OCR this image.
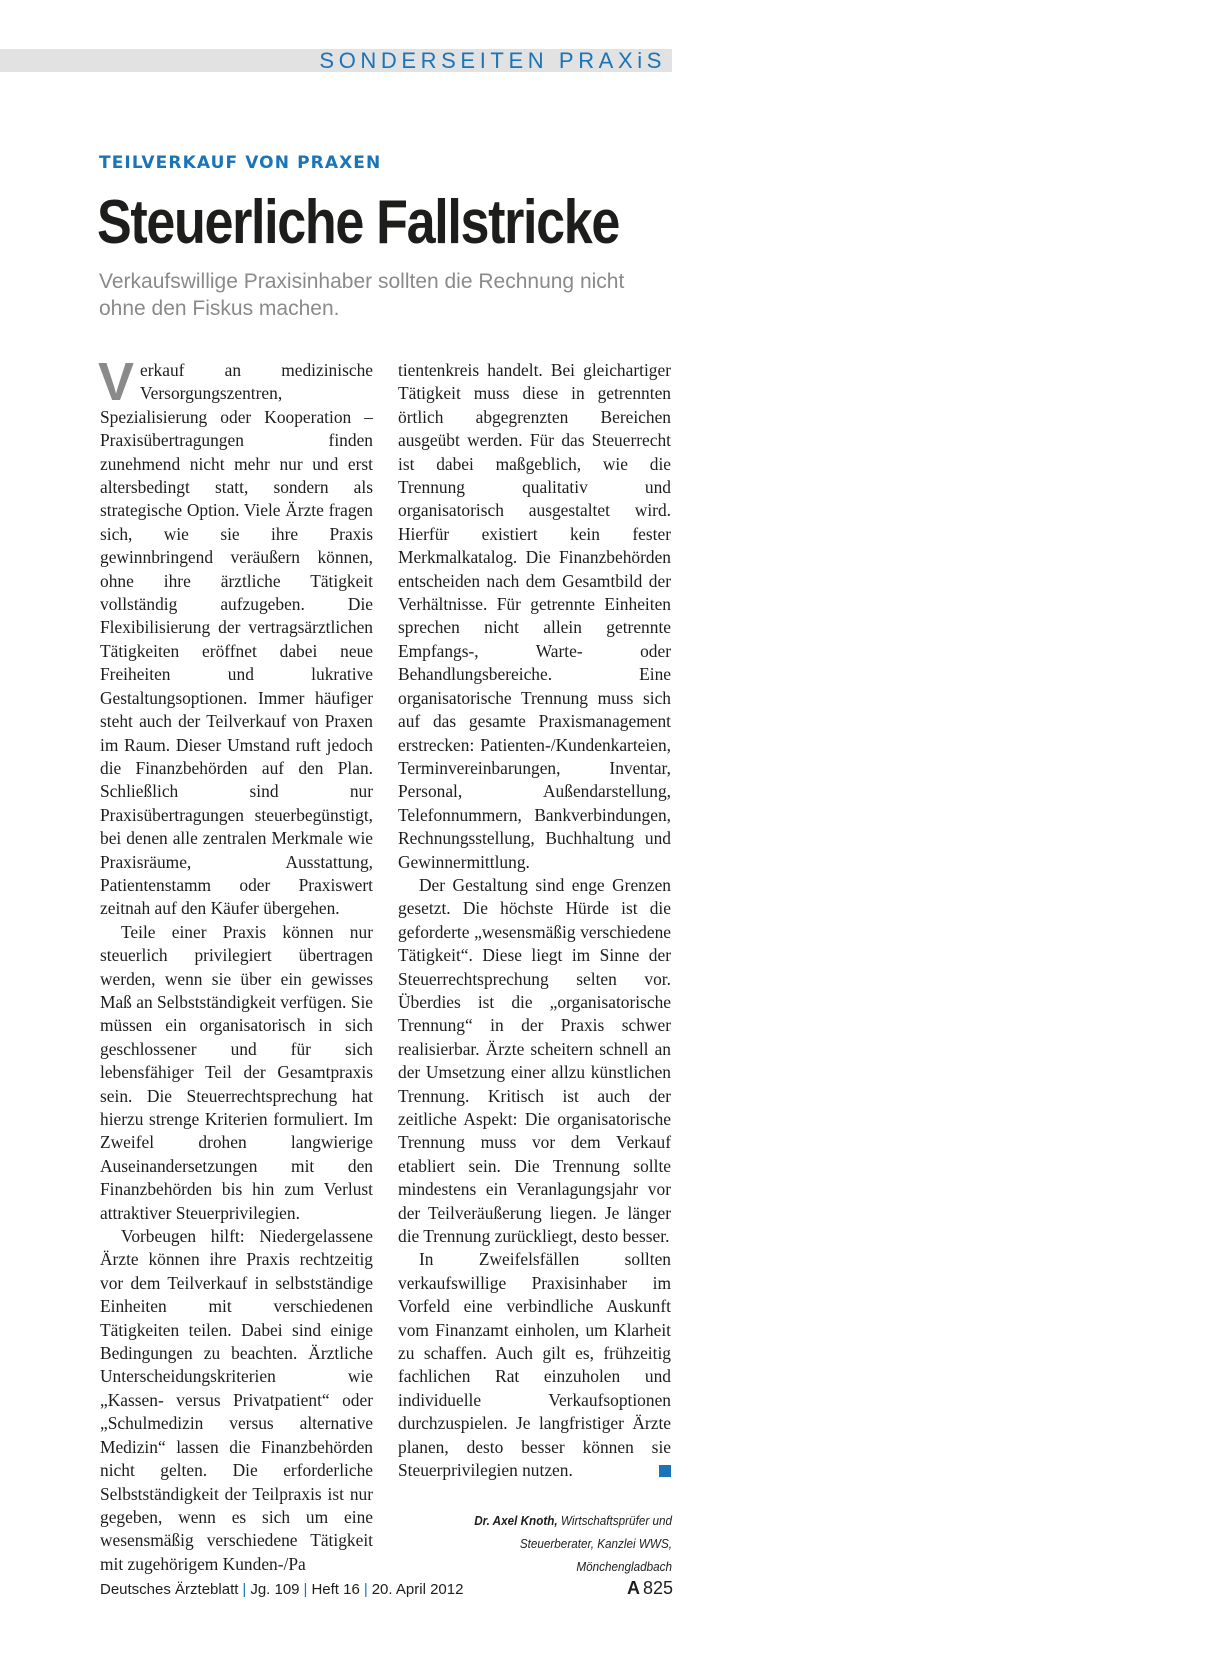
SONDERSEITEN PRAXiS
TEILVERKAUF VON PRAXEN
Steuerliche Fallstricke
Verkaufswillige Praxisinhaber sollten die Rechnung nicht ohne den Fiskus machen.

Verkauf an medizinische Versorgungszentren, Spezialisierung oder Kooperation – Praxisübertragungen finden zunehmend nicht mehr nur und erst altersbedingt statt, sondern als strategische Option. Viele Ärzte fragen sich, wie sie ihre Praxis gewinnbringend veräußern können, ohne ihre ärztliche Tätigkeit vollständig aufzugeben. Die Flexibilisierung der vertragsärztlichen Tätigkeiten eröffnet dabei neue Freiheiten und lukrative Gestaltungsoptionen. Immer häufiger steht auch der Teilverkauf von Praxen im Raum. Dieser Umstand ruft jedoch die Finanzbehörden auf den Plan. Schließlich sind nur Praxisübertragungen steuerbegünstigt, bei denen alle zentralen Merkmale wie Praxisräume, Ausstattung, Patientenstamm oder Praxiswert zeitnah auf den Käufer übergehen.

Teile einer Praxis können nur steuerlich privilegiert übertragen werden, wenn sie über ein gewisses Maß an Selbstständigkeit verfügen. Sie müssen ein organisatorisch in sich geschlossener und für sich lebensfähiger Teil der Gesamtpraxis sein. Die Steuerrechtsprechung hat hierzu strenge Kriterien formuliert. Im Zweifel drohen langwierige Auseinandersetzungen mit den Finanzbehörden bis hin zum Verlust attraktiver Steuerprivilegien.

Vorbeugen hilft: Niedergelassene Ärzte können ihre Praxis rechtzeitig vor dem Teilverkauf in selbstständige Einheiten mit verschiedenen Tätigkeiten teilen. Dabei sind einige Bedingungen zu beachten. Ärztliche Unterscheidungskriterien wie „Kassen- versus Privatpatient“ oder „Schulmedizin versus alternative Medizin“ lassen die Finanzbehörden nicht gelten. Die erforderliche Selbstständigkeit der Teilpraxis ist nur gegeben, wenn es sich um eine wesensmäßig verschiedene Tätigkeit mit zugehörigem Kunden-/Pa

tientenkreis handelt. Bei gleichartiger Tätigkeit muss diese in getrennten örtlich abgegrenzten Bereichen ausgeübt werden. Für das Steuerrecht ist dabei maßgeblich, wie die Trennung qualitativ und organisatorisch ausgestaltet wird. Hierfür existiert kein fester Merkmalkatalog. Die Finanzbehörden entscheiden nach dem Gesamtbild der Verhältnisse. Für getrennte Einheiten sprechen nicht allein getrennte Empfangs-, Warte- oder Behandlungsbereiche. Eine organisatorische Trennung muss sich auf das gesamte Praxismanagement erstrecken: Patienten-/Kundenkarteien, Terminvereinbarungen, Inventar, Personal, Außendarstellung, Telefonnummern, Bankverbindungen, Rechnungsstellung, Buchhaltung und Gewinnermittlung.

Der Gestaltung sind enge Grenzen gesetzt. Die höchste Hürde ist die geforderte „wesensmäßig verschiedene Tätigkeit“. Diese liegt im Sinne der Steuerrechtsprechung selten vor. Überdies ist die „organisatorische Trennung“ in der Praxis schwer realisierbar. Ärzte scheitern schnell an der Umsetzung einer allzu künstlichen Trennung. Kritisch ist auch der zeitliche Aspekt: Die organisatorische Trennung muss vor dem Verkauf etabliert sein. Die Trennung sollte mindestens ein Veranlagungsjahr vor der Teilveräußerung liegen. Je länger die Trennung zurückliegt, desto besser.

In Zweifelsfällen sollten verkaufswillige Praxisinhaber im Vorfeld eine verbindliche Auskunft vom Finanzamt einholen, um Klarheit zu schaffen. Auch gilt es, frühzeitig fachlichen Rat einzuholen und individuelle Verkaufsoptionen durchzuspielen. Je langfristiger Ärzte planen, desto besser können sie Steuerprivilegien nutzen.

Dr. Axel Knoth, Wirtschaftsprüfer und Steuerberater, Kanzlei WWS, Mönchengladbach
Deutsches Ärzteblatt | Jg. 109 | Heft 16 | 20. April 2012	A 825
